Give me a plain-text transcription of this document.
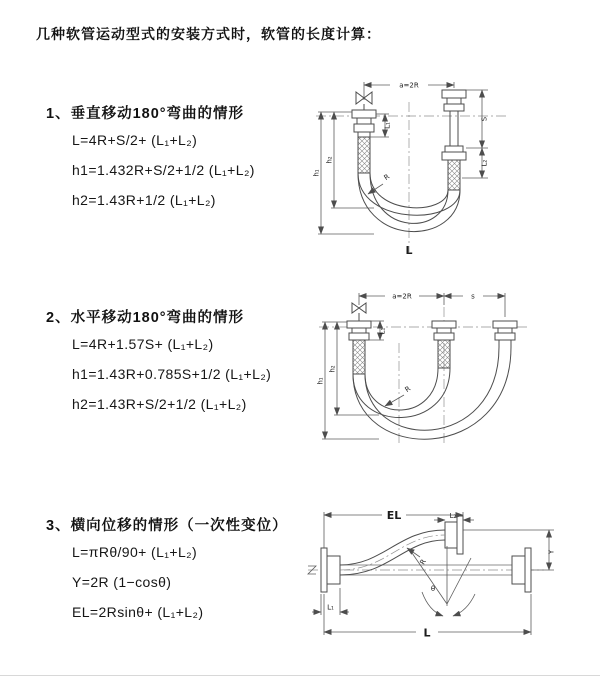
几种软管运动型式的安装方式时，软管的长度计算：
1、垂直移动180°弯曲的情形

L=4R+S/2+ (L₁+L₂)

h1=1.432R+S/2+1/2 (L₁+L₂)

h2=1.43R+1/2 (L₁+L₂)

2、水平移动180°弯曲的情形

L=4R+1.57S+ (L₁+L₂)

h1=1.43R+0.785S+1/2 (L₁+L₂)

h2=1.43R+S/2+1/2 (L₁+L₂)

3、横向位移的情形（一次性变位）

L=πRθ/90+ (L₁+L₂)

Y=2R (1−cosθ)

EL=2Rsinθ+ (L₁+L₂)

a=2R
h₁
h₂
S
L₂
L₁
R
L
a=2R	s
h₁
h₂
L₁
R
EL
L
Y
L₂
L₁
θ
R
